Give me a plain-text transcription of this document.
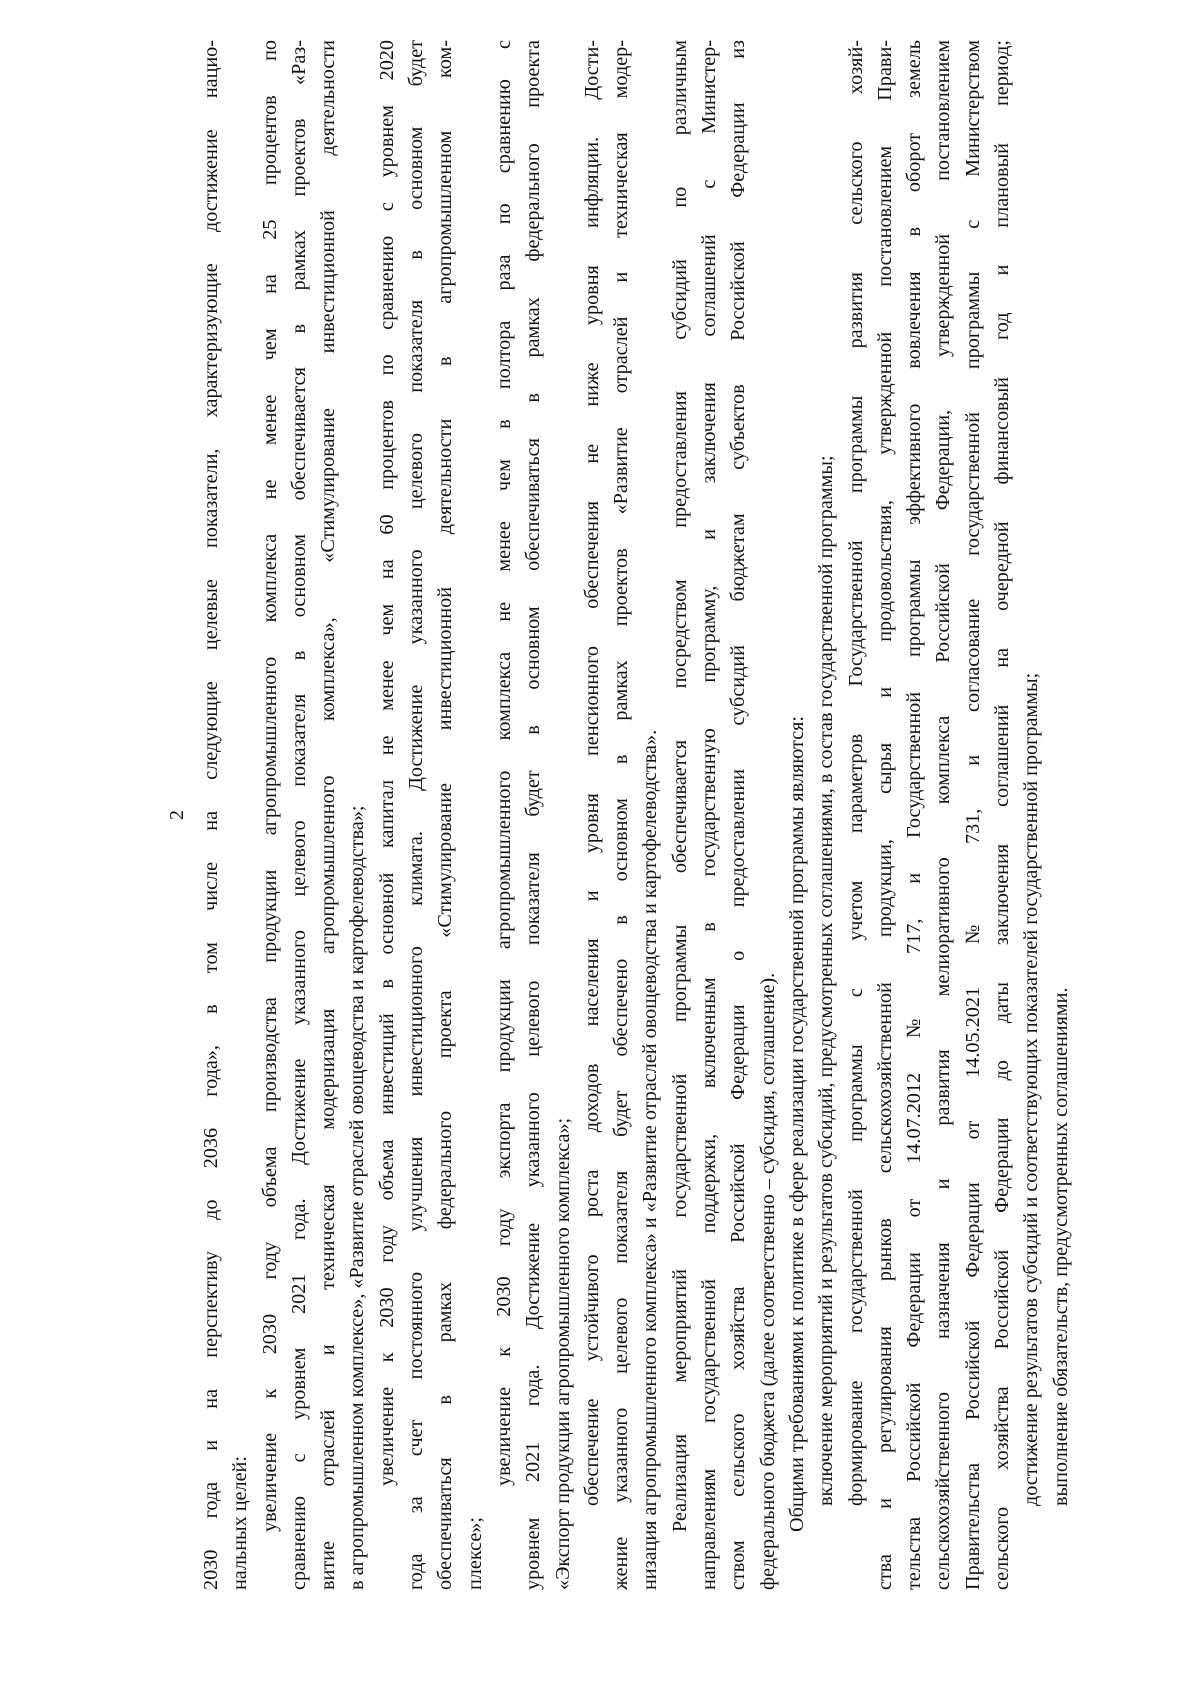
2 2030 года и на перспективу до 2036 года», в том числе на следующие целевые показатели, характеризующие достижение нацио- нальных целей: увеличение к 2030 году объема производства продукции агропромышленного комплекса не менее чем на 25 процентов по сравнению с уровнем 2021 года. Достижение указанного целевого показателя в основном обеспечивается в рамках проектов «Раз- витие отраслей и техническая модернизация агропромышленного комплекса», «Стимулирование инвестиционной деятельности в агропромышленном комплексе», «Развитие отраслей овощеводства и картофелеводства»; увеличение к 2030 году объема инвестиций в основной капитал не менее чем на 60 процентов по сравнению с уровнем 2020 года за счет постоянного улучшения инвестиционного климата. Достижение указанного целевого показателя в основном будет обеспечиваться в рамках федерального проекта «Стимулирование инвестиционной деятельности в агропромышленном ком- плексе»;
увеличение к 2030 году экспорта продукции агропромышленного комплекса не менее чем в полтора раза по сравнению с уровнем 2021 года. Достижение указанного целевого показателя будет в основном обеспечиваться в рамках федерального проекта «Экспорт продукции агропромышленного комплекса»; обеспечение устойчивого роста доходов населения и уровня пенсионного обеспечения не ниже уровня инфляции. Дости- жение указанного целевого показателя будет обеспечено в основном в рамках проектов «Развитие отраслей и техническая модер- низация агропромышленного комплекса» и «Развитие отраслей овощеводства и картофелеводства». Реализация мероприятий государственной программы обеспечивается посредством предоставления субсидий по различным направлениям государственной поддержки, включенным в государственную программу, и заключения соглашений с Министер- ством сельского хозяйства Российской Федерации о предоставлении субсидий бюджетам субъектов Российской Федерации из федерального бюджета (далее соответственно – субсидия, соглашение). Общими требованиями к политике в сфере реализации государственной программы являются: включение мероприятий и результатов субсидий, предусмотренных соглашениями, в состав государственной программы; формирование государственной программы с учетом параметров Государственной программы развития сельского хозяй- ства и регулирования рынков сельскохозяйственной продукции, сырья и продовольствия, утвержденной постановлением Прави- тельства Российской Федерации от 14.07.2012 № 717, и Государственной программы эффективного вовлечения в оборот земель сельскохозяйственного назначения и развития мелиоративного комплекса Российской Федерации, утвержденной постановлением Правительства Российской Федерации от 14.05.2021 № 731, и согласование государственной программы с Министерством сельского хозяйства Российской Федерации до даты заключения соглашений на очередной финансовый год и плановый период; достижение результатов субсидий и соответствующих показателей государственной программы; выполнение обязательств, предусмотренных соглашениями.
